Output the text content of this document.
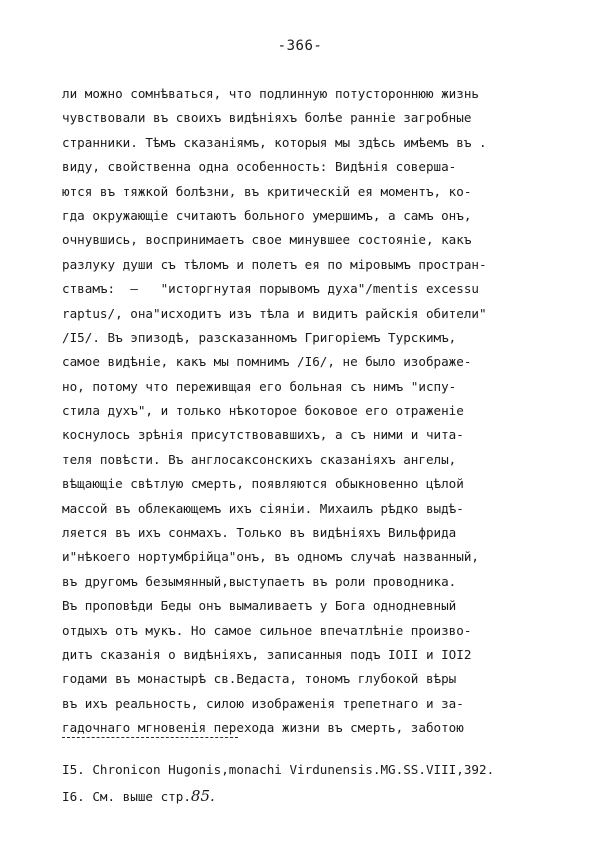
-366-
ли можно сомнѣваться, что подлинную потустороннюю жизнь
чувствовали въ своихъ видѣніяхъ болѣе раннiе загробные
странники. Тѣмъ сказаніямъ, которыя мы здѣсь имѣемъ въ .
виду, свойственна одна особенность: Видѣнія соверша-
ются въ тяжкой болѣзни, въ критическій ея моментъ, ко-
гда окружающіе считаютъ больного умершимъ, а самъ онъ,
очнувшись, воспринимаетъ свое минувшее состояніе, какъ
разлуку души съ тѣломъ и полетъ ея по міровымъ простран-
ствамъ:  —   "исторгнутая порывомъ духа"/mentis excessu
raptus/, она"исходитъ изъ тѣла и видитъ райскія обители"
/I5/. Въ эпизодѣ, разсказанномъ Григоріемъ Турскимъ,
самое видѣніе, какъ мы помнимъ /I6/, не было изображе-
но, потому что переживщая его больная съ нимъ "испу-
стила духъ", и только нѣкоторое боковое его отраженіе
коснулось зрѣнія присутствовавшихъ, а съ ними и чита-
теля повѣсти. Въ англосаксонскихъ сказаніяхъ ангелы,
вѣщающіе свѣтлую смерть, появляются обыкновенно цѣлой
массой въ облекающемъ ихъ сіяніи. Михаилъ рѣдко выдѣ-
ляется въ ихъ сонмахъ. Только въ видѣніяхъ Вильфрида
и"нѣкоего нортумбрійца"онъ, въ одномъ случаѣ названный,
въ другомъ безымянный,выступаетъ въ роли проводника.
Въ проповѣди Беды онъ вымаливаетъ у Бога однодневный
отдыхъ отъ мукъ. Но самое сильное впечатлѣніе произво-
дитъ сказанія о видѣніяхъ, записанныя подъ IOII и IOI2
годами въ монастырѣ св.Ведаста, тономъ глубокой вѣры
въ ихъ реальность, силою изображенія трепетнаго и за-
гадочнаго мгновенія перехода жизни въ смерть, заботою
I5. Chronicon Hugonis,monachi Virdunensis.MG.SS.VIII,392.
I6. См. выше стр.85.
